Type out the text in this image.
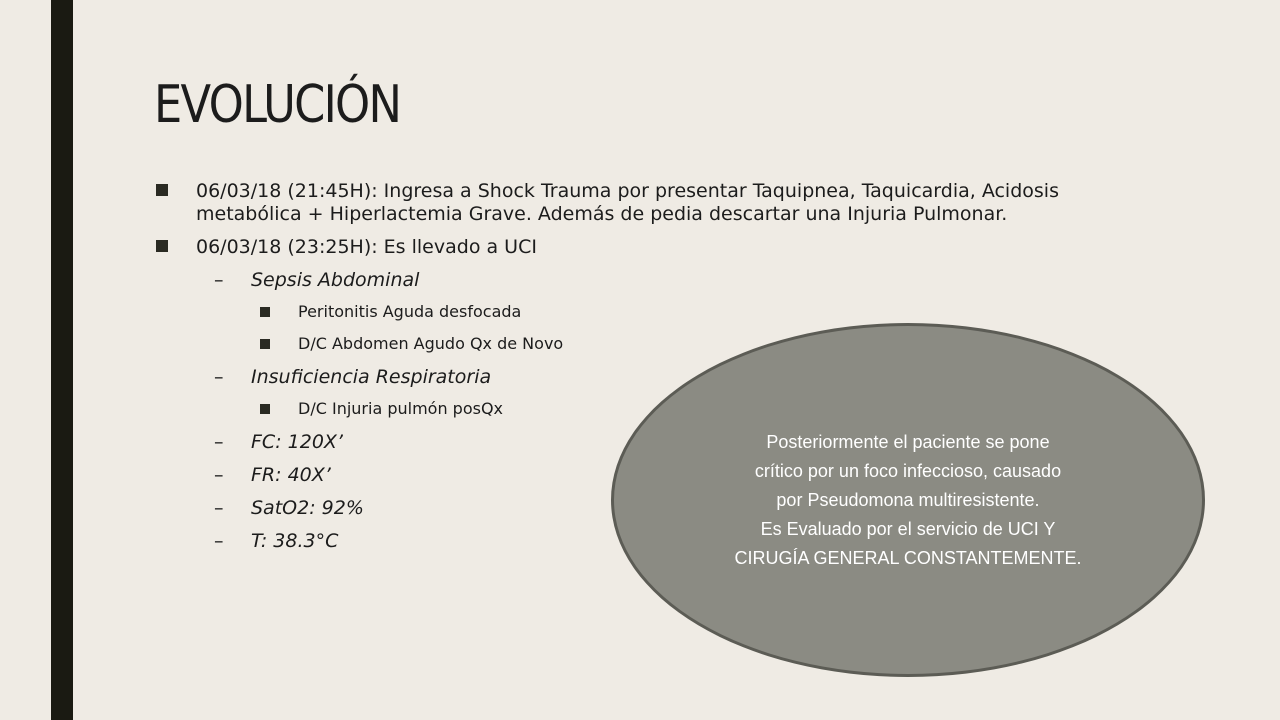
EVOLUCIÓN
06/03/18 (21:45H): Ingresa a Shock Trauma por presentar Taquipnea, Taquicardia, Acidosis metabólica + Hiperlactemia Grave. Además de pedia descartar una Injuria Pulmonar.
06/03/18 (23:25H): Es llevado a UCI
– Sepsis Abdominal
Peritonitis Aguda desfocada
D/C Abdomen Agudo Qx de Novo
– Insuficiencia Respiratoria
D/C Injuria pulmón posQx
– FC: 120X’
– FR: 40X’
– SatO2: 92%
– T: 38.3°C
Posteriormente el paciente se pone
crítico por un foco infeccioso, causado
por Pseudomona multiresistente.
Es Evaluado por el servicio de UCI Y
CIRUGÍA GENERAL CONSTANTEMENTE.
